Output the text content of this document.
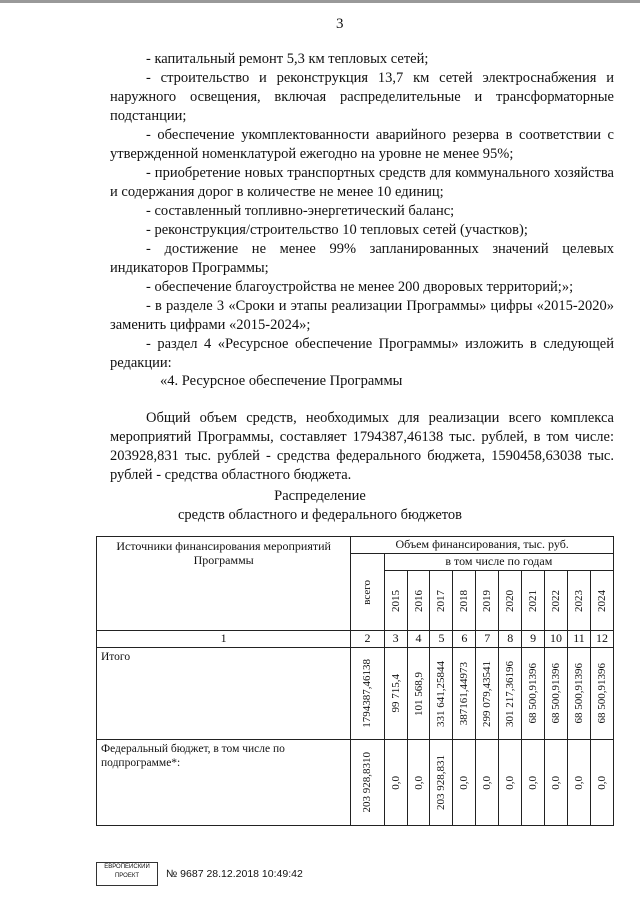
3
- капитальный ремонт 5,3 км тепловых сетей;
- строительство и реконструкция 13,7 км сетей электроснабжения и наружного освещения, включая распределительные и трансформаторные подстанции;
- обеспечение укомплектованности аварийного резерва в соответствии с утвержденной номенклатурой ежегодно на уровне не менее 95%;
- приобретение новых транспортных средств для коммунального хозяйства и содержания дорог в количестве не менее 10 единиц;
- составленный топливно-энергетический баланс;
- реконструкция/строительство 10 тепловых сетей (участков);
- достижение не менее 99% запланированных значений целевых индикаторов Программы;
- обеспечение благоустройства не менее 200 дворовых территорий;»;
- в разделе 3 «Сроки и этапы реализации Программы» цифры «2015-2020» заменить цифрами «2015-2024»;
- раздел 4 «Ресурсное обеспечение Программы» изложить в следующей редакции:
«4. Ресурсное обеспечение Программы
Общий объем средств, необходимых для реализации всего комплекса мероприятий Программы, составляет 1794387,46138 тыс. рублей, в том числе: 203928,831 тыс. рублей - средства федерального бюджета, 1590458,63038 тыс. рублей - средства областного бюджета.
Распределение
средств областного и федерального бюджетов
Источники финансирования мероприятий Программы	Объем финансирования, тыс. руб.										

	всего	в том числе по годам									

		2015	2016	2017	2018	2019	2020	2021	2022	2023	2024

1	2	3	4	5	6	7	8	9	10	11	12
Итого	1794387,46138	99 715,4	101 568,9	331 641,25844	387161,44973	299 079,43541	301 217,36196	68 500,91396	68 500,91396	68 500,91396	68 500,91396

Федеральный бюджет, в том числе по подпрограмме*:	203 928,8310	0,0	0,0	203 928,831	0,0	0,0	0,0	0,0	0,0	0,0	0,0
ЕВРОПЕЙСКИЙ ПРОЕКТ	№ 9687 28.12.2018 10:49:42
